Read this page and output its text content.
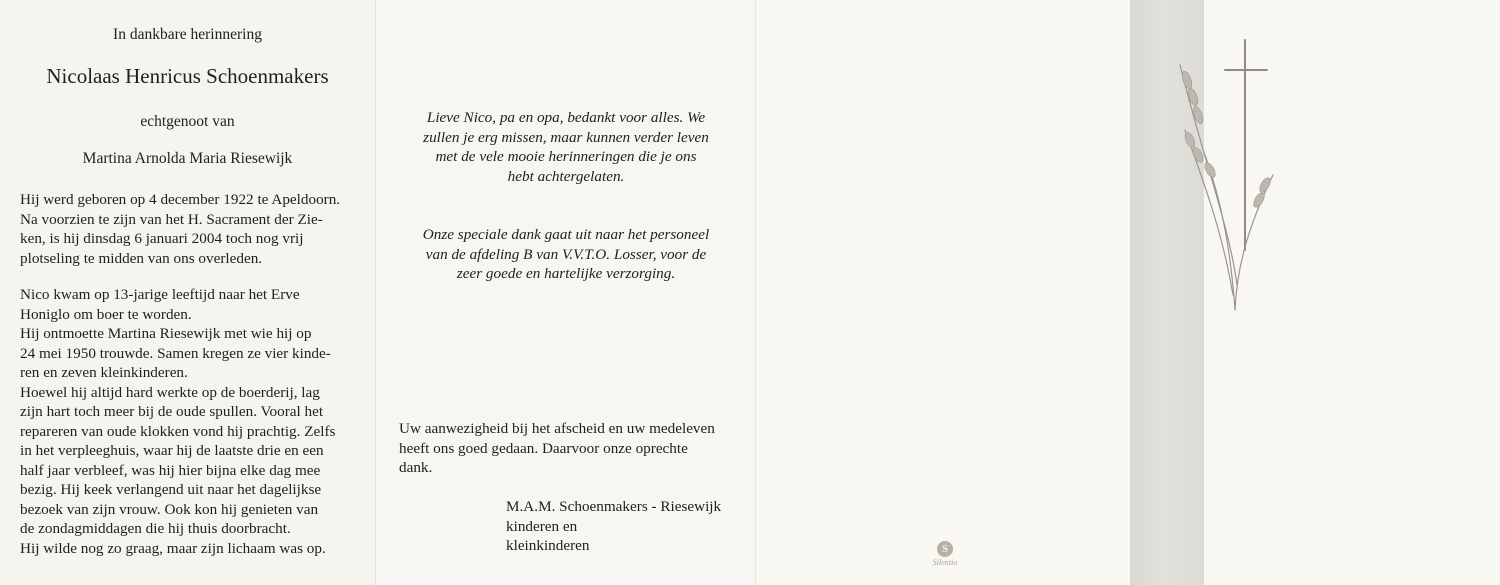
In dankbare herinnering
Nicolaas Henricus Schoenmakers
echtgenoot van
Martina Arnolda Maria Riesewijk

Hij werd geboren op 4 december 1922 te Apeldoorn.

Na voorzien te zijn van het H. Sacrament der Zie-

ken, is hij dinsdag 6 januari 2004 toch nog vrij

plotseling te midden van ons overleden.

Nico kwam op 13-jarige leeftijd naar het Erve

Honiglo om boer te worden.

Hij ontmoette Martina Riesewijk met wie hij op

24 mei 1950 trouwde. Samen kregen ze vier kinde-

ren en zeven kleinkinderen.

Hoewel hij altijd hard werkte op de boerderij, lag

zijn hart toch meer bij de oude spullen. Vooral het

repareren van oude klokken vond hij prachtig. Zelfs

in het verpleeghuis, waar hij de laatste drie en een

half jaar verbleef, was hij hier bijna elke dag mee

bezig. Hij keek verlangend uit naar het dagelijkse

bezoek van zijn vrouw. Ook kon hij genieten van

de zondagmiddagen die hij thuis doorbracht.

Hij wilde nog zo graag, maar zijn lichaam was op.

Lieve Nico, pa en opa, bedankt voor alles. We
zullen je erg missen, maar kunnen verder leven
met de vele mooie herinneringen die je ons
hebt achtergelaten.
Onze speciale dank gaat uit naar het personeel
van de afdeling B van V.V.T.O. Losser, voor de
zeer goede en hartelijke verzorging.
Uw aanwezigheid bij het afscheid en uw medeleven
heeft ons goed gedaan. Daarvoor onze oprechte
dank.
M.A.M. Schoenmakers - Riesewijk
kinderen en
kleinkinderen	S
Silentio
